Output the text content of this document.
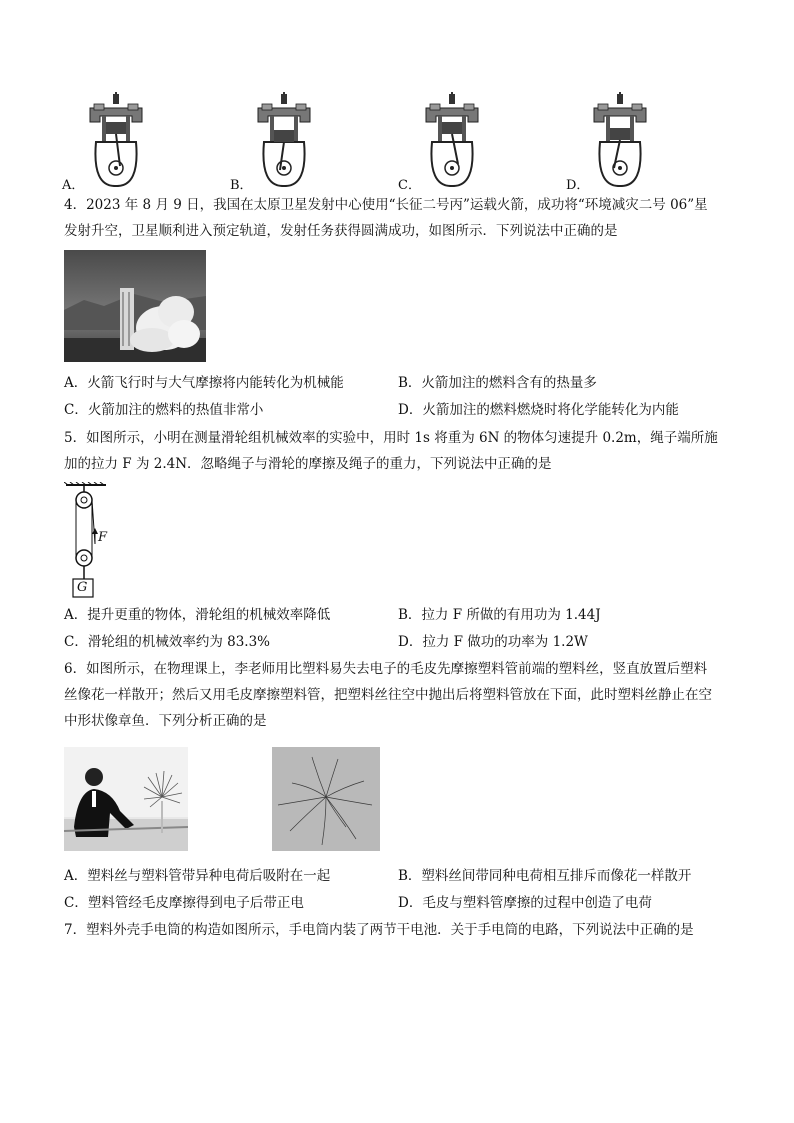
A．	B．	C．	D．
4．2023 年 8 月 9 日，我国在太原卫星发射中心使用“长征二号丙”运载火箭，成功将“环境减灾二号 06”星
发射升空，卫星顺利进入预定轨道，发射任务获得圆满成功，如图所示．下列说法中正确的是
A．火箭飞行时与大气摩擦将内能转化为机械能	B．火箭加注的燃料含有的热量多
C．火箭加注的燃料的热值非常小	D．火箭加注的燃料燃烧时将化学能转化为内能
5．如图所示，小明在测量滑轮组机械效率的实验中，用时 1s 将重为 6N 的物体匀速提升 0.2m，绳子端所施
加的拉力 F 为 2.4N．忽略绳子与滑轮的摩擦及绳子的重力，下列说法中正确的是
F
G
A．提升更重的物体，滑轮组的机械效率降低	B．拉力 F 所做的有用功为 1.44J
C．滑轮组的机械效率约为 83.3%	D．拉力 F 做功的功率为 1.2W
6．如图所示，在物理课上，李老师用比塑料易失去电子的毛皮先摩擦塑料管前端的塑料丝，竖直放置后塑料
丝像花一样散开；然后又用毛皮摩擦塑料管，把塑料丝往空中抛出后将塑料管放在下面，此时塑料丝静止在空
中形状像章鱼．下列分析正确的是
A．塑料丝与塑料管带异种电荷后吸附在一起	B．塑料丝间带同种电荷相互排斥而像花一样散开
C．塑料管经毛皮摩擦得到电子后带正电	D．毛皮与塑料管摩擦的过程中创造了电荷
7．塑料外壳手电筒的构造如图所示，手电筒内装了两节干电池．关于手电筒的电路，下列说法中正确的是
